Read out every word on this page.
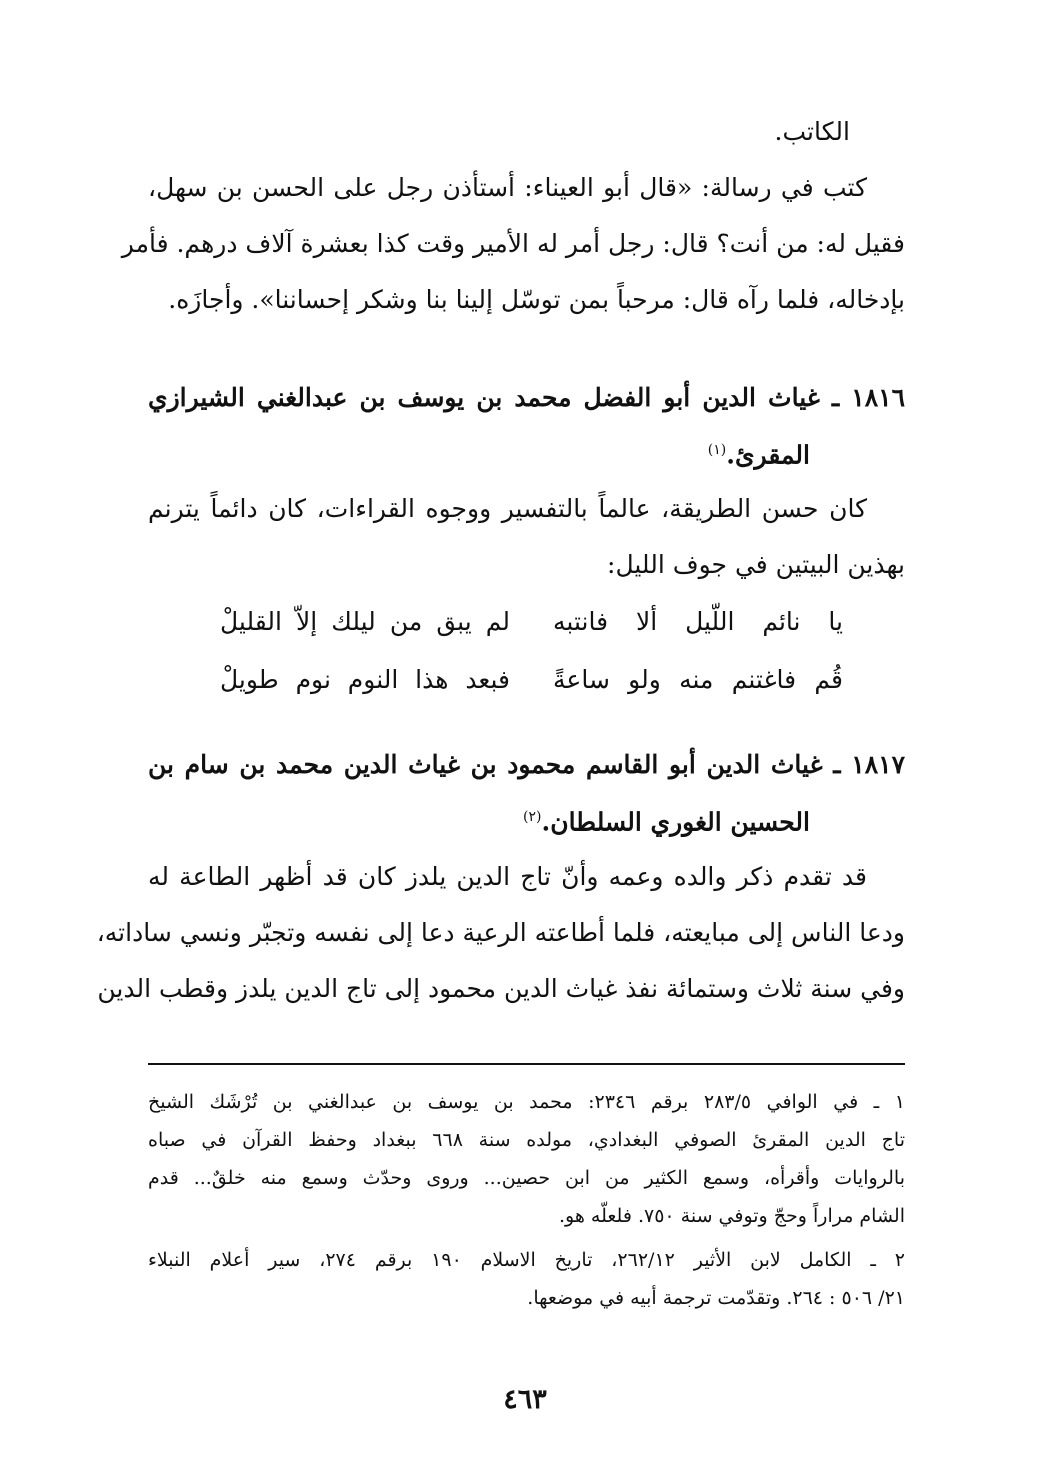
الكاتب.
كتب في رسالة: «قال أبو العيناء: أستأذن رجل على الحسن بن سهل،
فقيل له: من أنت؟ قال: رجل أمر له الأمير وقت كذا بعشرة آلاف درهم. فأمر
بإدخاله، فلما رآه قال: مرحباً بمن توسّل إلينا بنا وشكر إحساننا». وأجازَه.
١٨١٦ ـ غياث الدين أبو الفضل محمد بن يوسف بن عبدالغني الشيرازي
المقرئ.$^{(١)}$
كان حسن الطريقة، عالماً بالتفسير ووجوه القراءات، كان دائماً يترنم
بهذين البيتين في جوف الليل:
يا نائم اللّيل ألا فانتبه
لم يبق من ليلك إلاّ القليلْ
قُم فاغتنم منه ولو ساعةً
فبعد هذا النوم نوم طويلْ
١٨١٧ ـ غياث الدين أبو القاسم محمود بن غياث الدين محمد بن سام بن
الحسين الغوري السلطان.$^{(٢)}$
قد تقدم ذكر والده وعمه وأنّ تاج الدين يلدز كان قد أظهر الطاعة له
ودعا الناس إلى مبايعته، فلما أطاعته الرعية دعا إلى نفسه وتجبّر ونسي ساداته،
وفي سنة ثلاث وستمائة نفذ غياث الدين محمود إلى تاج الدين يلدز وقطب الدين
١ ـ في الوافي ٢٨٣/٥ برقم ٢٣٤٦: محمد بن يوسف بن عبدالغني بن تُرْشَك الشيخ
تاج الدين المقرئ الصوفي البغدادي، مولده سنة ٦٦٨ ببغداد وحفظ القرآن في صباه
بالروايات وأقرأه، وسمع الكثير من ابن حصين... وروى وحدّث وسمع منه خلقٌ... قدم
الشام مراراً وحجّ وتوفي سنة ٧٥٠. فلعلّه هو.
٢ ـ الكامل لابن الأثير ٢٦٢/١٢، تاريخ الاسلام ١٩٠ برقم ٢٧٤، سير أعلام النبلاء
٢١/ ٥٠٦ : ٢٦٤. وتقدّمت ترجمة أبيه في موضعها.
٤٦٣
